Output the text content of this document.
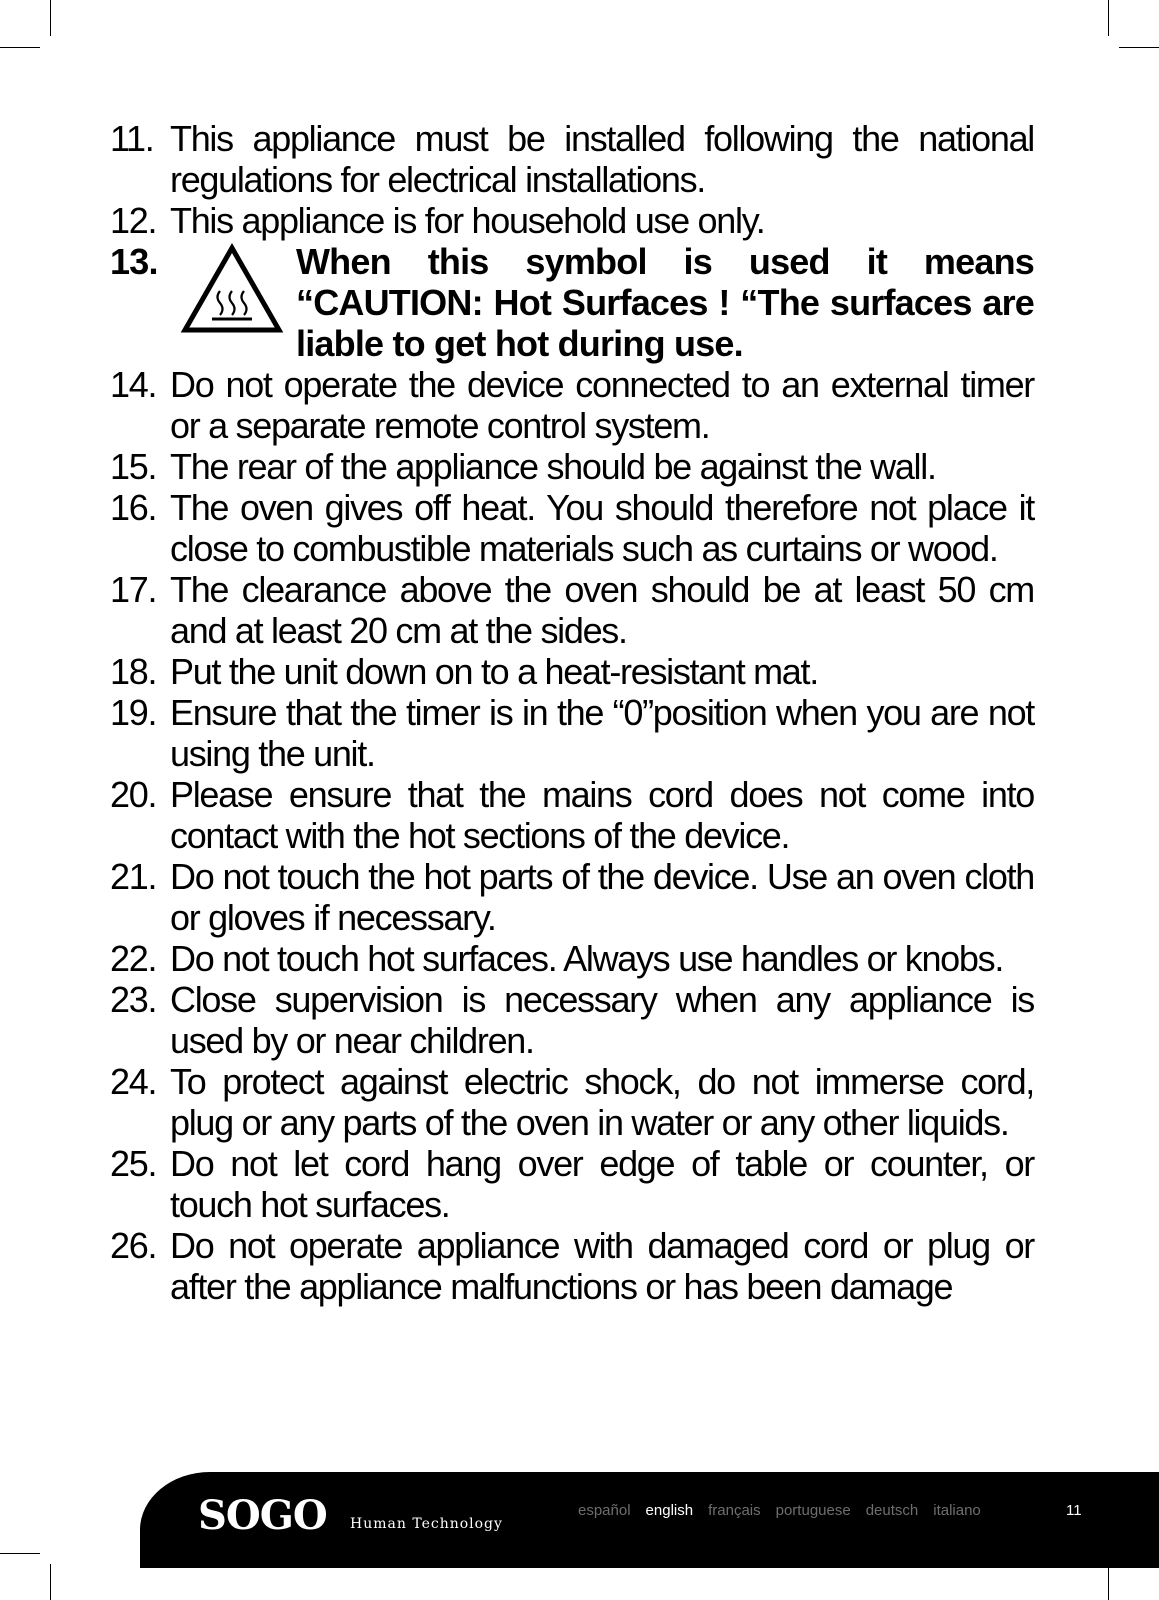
11. This appliance must be installed following the national regulations for electrical installations.
12. This appliance is for household use only.
13.	When this symbol is used it means “CAUTION: Hot Surfaces ! “The surfaces are liable to get hot during use.
14. Do not operate the device connected to an external timer or a separate remote control system.
15. The rear of the appliance should be against the wall.
16. The oven gives off heat. You should therefore not place it close to combustible materials such as curtains or wood.
17. The clearance above the oven should be at least 50 cm and at least 20 cm at the sides.
18. Put the unit down on to a heat-resistant mat.
19. Ensure that the timer is in the “0”position when you are not using the unit.
20. Please ensure that the mains cord does not come into contact with the hot sections of the device.
21. Do not touch the hot parts of the device. Use an oven cloth or gloves if necessary.
22. Do not touch hot surfaces. Always use handles or knobs.
23. Close supervision is necessary when any appliance is used by or near children.
24. To protect against electric shock, do not immerse cord, plug or any parts of the oven in water or any other liquids.
25. Do not let cord hang over edge of table or counter, or touch hot surfaces.
26. Do not operate appliance with damaged cord or plug or after the appliance malfunctions or has been damage
SOGO Human Technology
español english français portuguese deutsch italiano	11
